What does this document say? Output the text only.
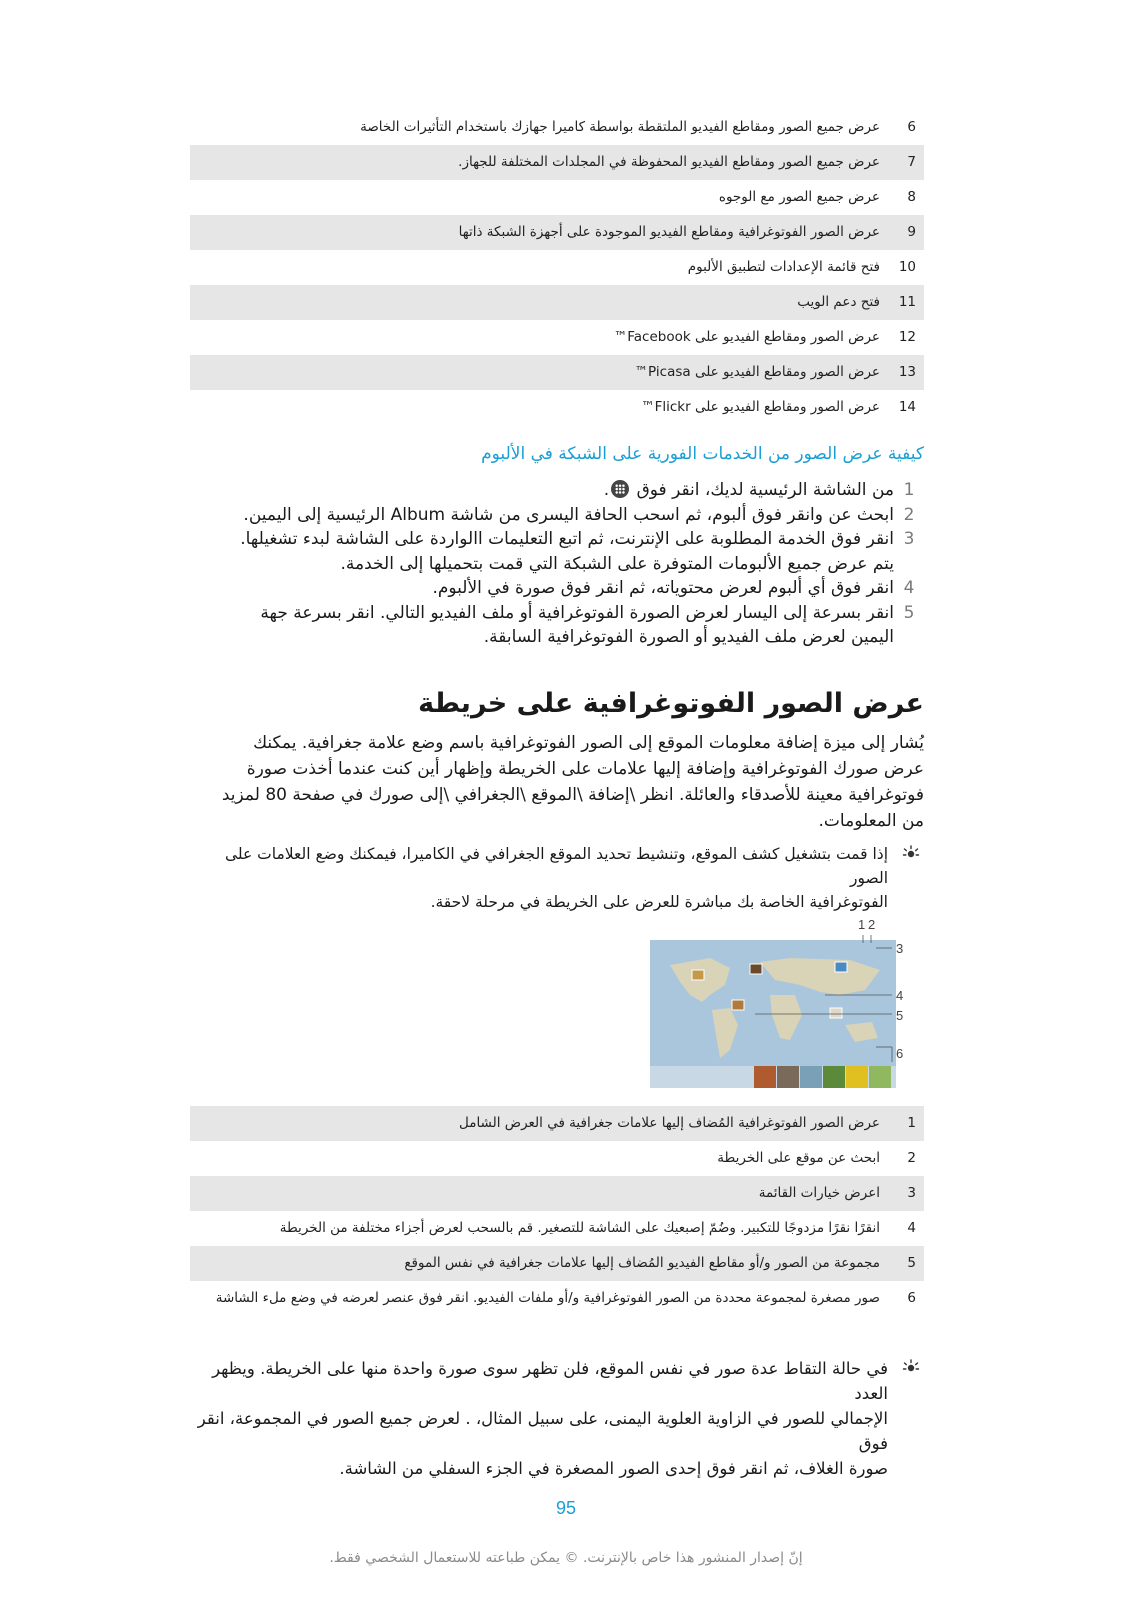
6
عرض جميع الصور ومقاطع الفيديو الملتقطة بواسطة كاميرا جهازك باستخدام التأثيرات الخاصة
7
عرض جميع الصور ومقاطع الفيديو المحفوظة في المجلدات المختلفة للجهاز.
8
عرض جميع الصور مع الوجوه
9
عرض الصور الفوتوغرافية ومقاطع الفيديو الموجودة على أجهزة الشبكة ذاتها
10
فتح قائمة الإعدادات لتطبيق الألبوم
11
فتح دعم الويب
12
عرض الصور ومقاطع الفيديو على Facebook™
13
عرض الصور ومقاطع الفيديو على Picasa™
14
عرض الصور ومقاطع الفيديو على Flickr™
كيفية عرض الصور من الخدمات الفورية على الشبكة في الألبوم
1
من الشاشة الرئيسية لديك، انقر فوق .
2
ابحث عن وانقر فوق ألبوم، ثم اسحب الحافة اليسرى من شاشة Album الرئيسية إلى اليمين.
3
انقر فوق الخدمة المطلوبة على الإنترنت، ثم اتبع التعليمات االواردة على الشاشة لبدء تشغيلها.
يتم عرض جميع الألبومات المتوفرة على الشبكة التي قمت بتحميلها إلى الخدمة.
4
انقر فوق أي ألبوم لعرض محتوياته، ثم انقر فوق صورة في الألبوم.
5
انقر بسرعة إلى اليسار لعرض الصورة الفوتوغرافية أو ملف الفيديو التالي. انقر بسرعة جهة
اليمين لعرض ملف الفيديو أو الصورة الفوتوغرافية السابقة.
عرض الصور الفوتوغرافية على خريطة
يُشار إلى ميزة إضافة معلومات الموقع إلى الصور الفوتوغرافية باسم وضع علامة جغرافية. يمكنك
عرض صورك الفوتوغرافية وإضافة إليها علامات على الخريطة وإظهار أين كنت عندما أخذت صورة
فوتوغرافية معينة للأصدقاء والعائلة. انظر \إضافة \الموقع \الجغرافي \إلى صورك في صفحة 80 لمزيد
من المعلومات.
إذا قمت بتشغيل كشف الموقع، وتنشيط تحديد الموقع الجغرافي في الكاميرا، فيمكنك وضع العلامات على الصور
الفوتوغرافية الخاصة بك مباشرة للعرض على الخريطة في مرحلة لاحقة.
1 2
3
4
5
6
1
عرض الصور الفوتوغرافية المُضاف إليها علامات جغرافية في العرض الشامل
2
ابحث عن موقع على الخريطة
3
اعرض خيارات القائمة
4
انقرًا نقرًا مزدوجًا للتكبير. وضُمّ إصبعيك على الشاشة للتصغير. قم بالسحب لعرض أجزاء مختلفة من الخريطة
5
مجموعة من الصور و/أو مقاطع الفيديو المُضاف إليها علامات جغرافية في نفس الموقع
6
صور مصغرة لمجموعة محددة من الصور الفوتوغرافية و/أو ملفات الفيديو. انقر فوق عنصر لعرضه في وضع ملء الشاشة
في حالة التقاط عدة صور في نفس الموقع، فلن تظهر سوى صورة واحدة منها على الخريطة. ويظهر العدد
الإجمالي للصور في الزاوية العلوية اليمنى، على سبيل المثال، . لعرض جميع الصور في المجموعة، انقر فوق
صورة الغلاف، ثم انقر فوق إحدى الصور المصغرة في الجزء السفلي من الشاشة.
95
إنّ إصدار المنشور هذا خاص بالإنترنت. © يمكن طباعته للاستعمال الشخصي فقط.
